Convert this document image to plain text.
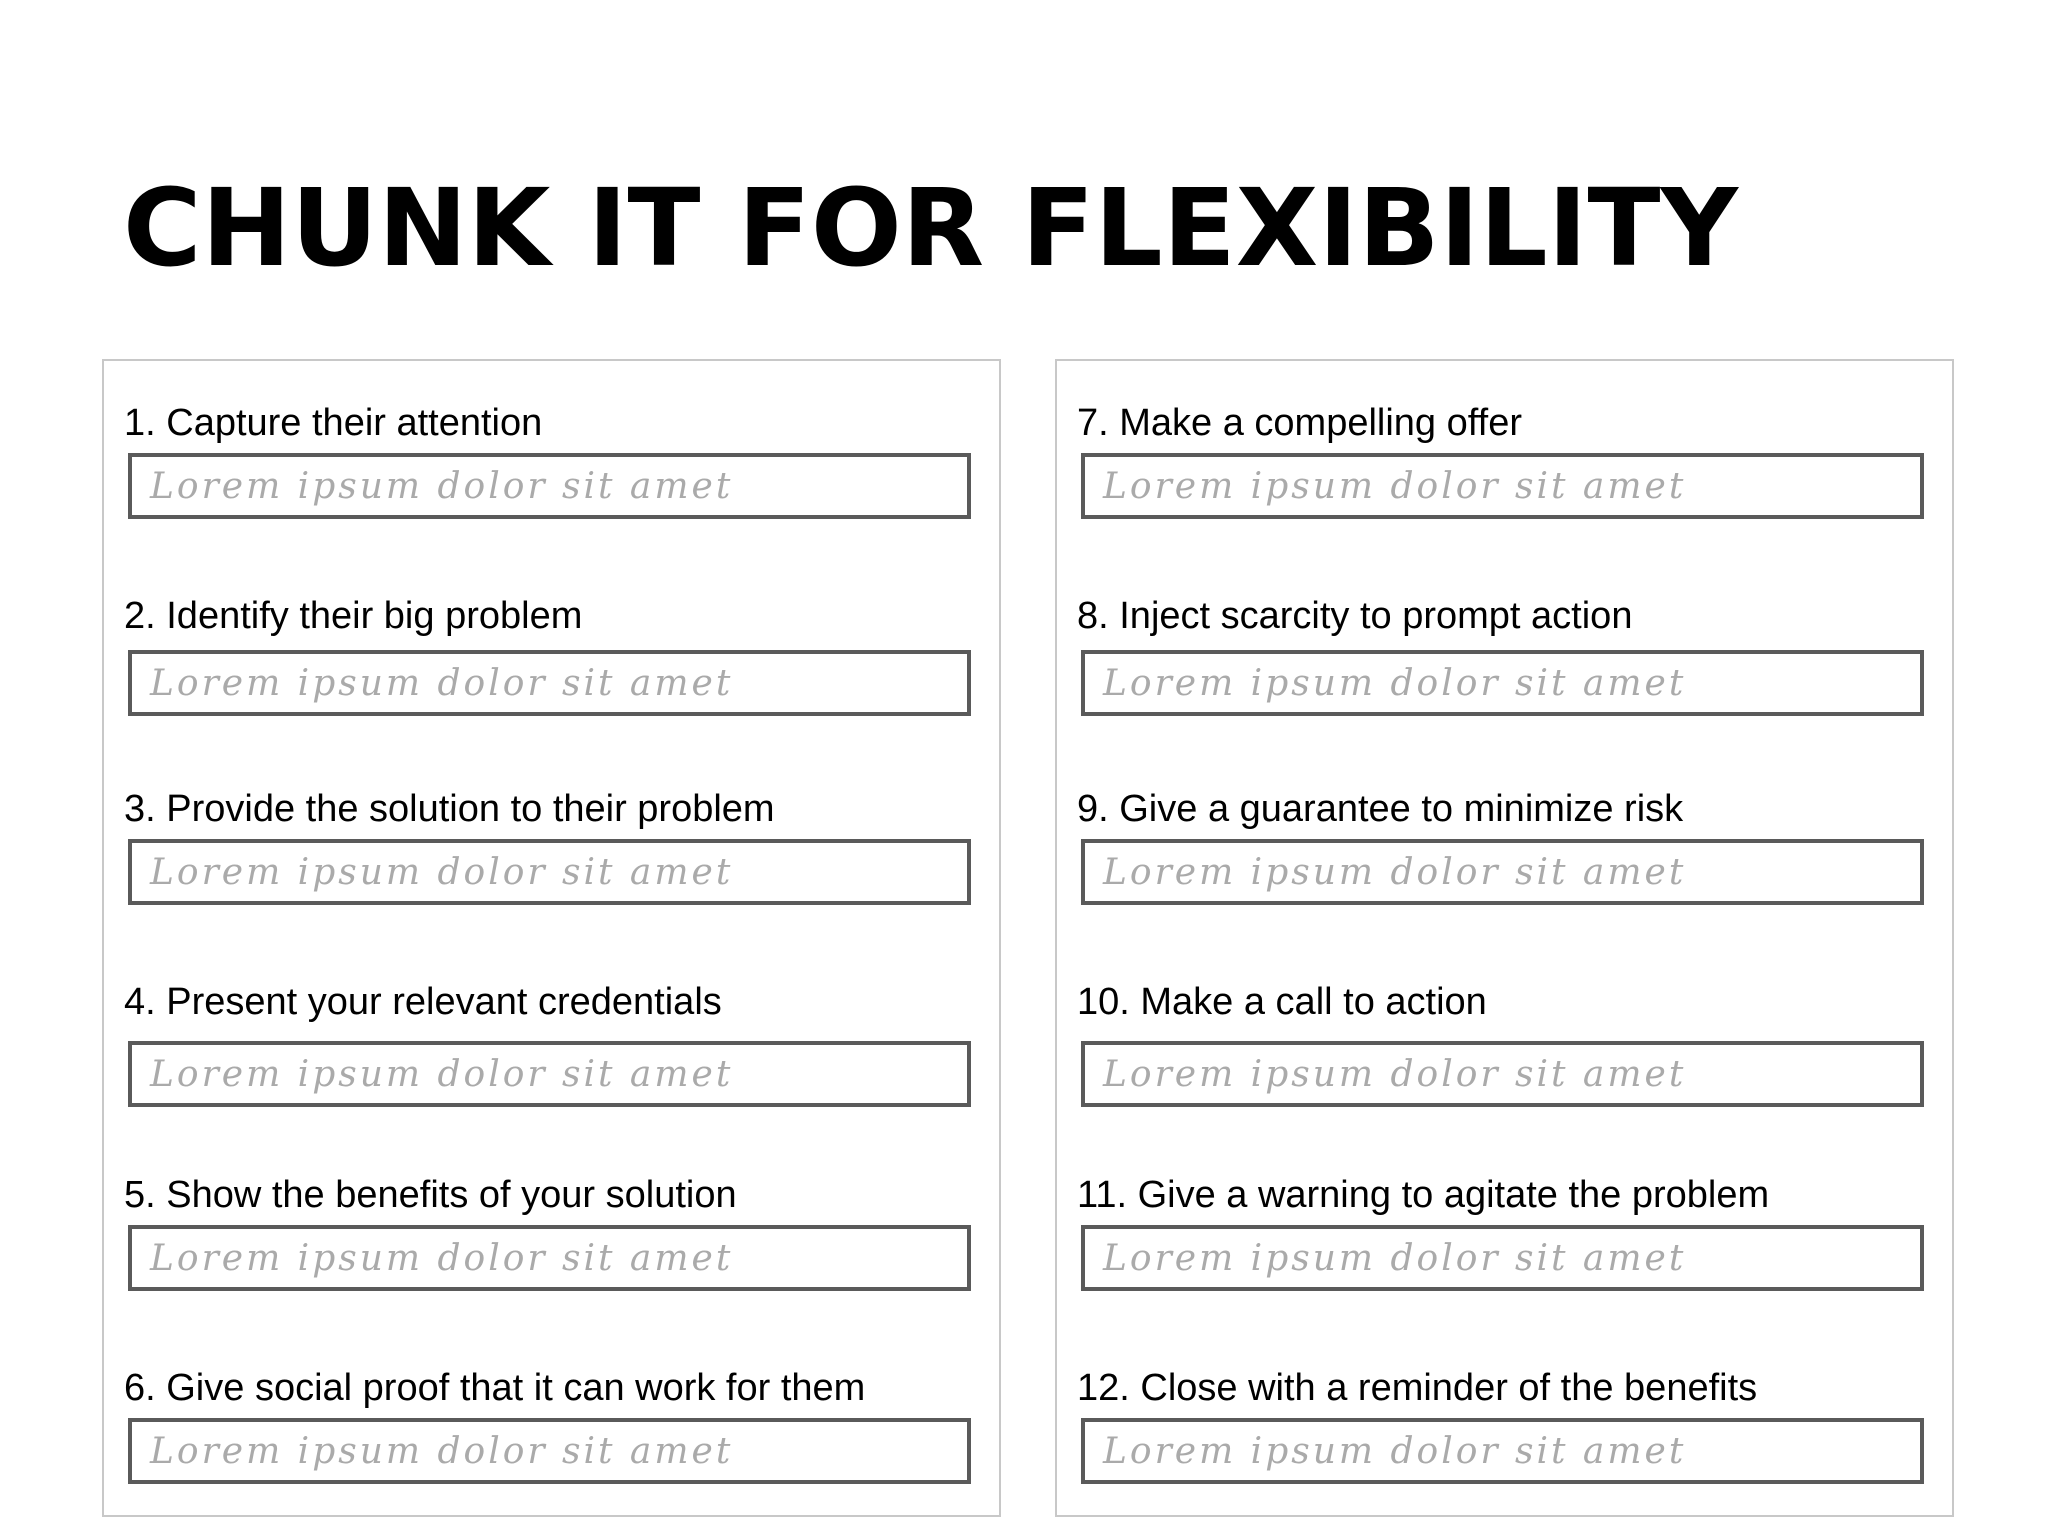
CHUNK IT FOR FLEXIBILITY
1. Capture their attention
Lorem ipsum dolor sit amet
2. Identify their big problem
Lorem ipsum dolor sit amet
3. Provide the solution to their problem
Lorem ipsum dolor sit amet
4. Present your relevant credentials
Lorem ipsum dolor sit amet
5. Show the benefits of your solution
Lorem ipsum dolor sit amet
6. Give social proof that it can work for them
Lorem ipsum dolor sit amet
7. Make a compelling offer
Lorem ipsum dolor sit amet
8. Inject scarcity to prompt action
Lorem ipsum dolor sit amet
9. Give a guarantee to minimize risk
Lorem ipsum dolor sit amet
10. Make a call to action
Lorem ipsum dolor sit amet
11. Give a warning to agitate the problem
Lorem ipsum dolor sit amet
12. Close with a reminder of the benefits
Lorem ipsum dolor sit amet
